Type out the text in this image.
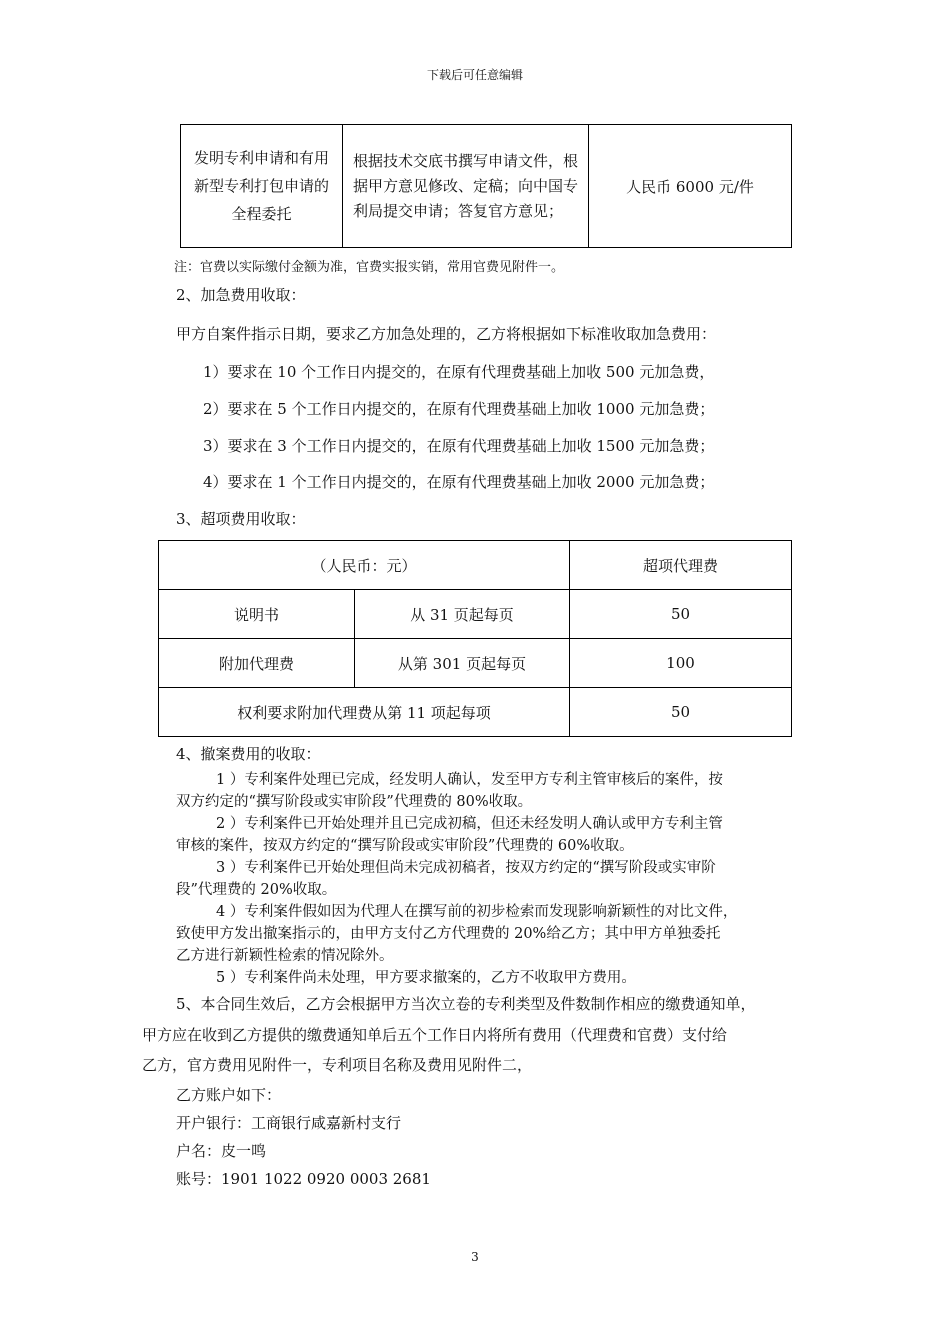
下载后可任意编辑
发明专利申请和有用新型专利打包申请的全程委托	根据技术交底书撰写申请文件，根据甲方意见修改、定稿；向中国专利局提交申请；答复官方意见；	人民币 6000 元/件
注：官费以实际缴付金额为准，官费实报实销，常用官费见附件一。
2、加急费用收取：
甲方自案件指示日期，要求乙方加急处理的，乙方将根据如下标准收取加急费用：
1）要求在 10 个工作日内提交的，在原有代理费基础上加收 500 元加急费，
2）要求在 5 个工作日内提交的，在原有代理费基础上加收 1000 元加急费；
3）要求在 3 个工作日内提交的，在原有代理费基础上加收 1500 元加急费；
4）要求在 1 个工作日内提交的，在原有代理费基础上加收 2000 元加急费；
3、超项费用收取：
（人民币：元）		超项代理费
说明书	从 31 页起每页	50
附加代理费	从第 301 页起每页	100
权利要求附加代理费从第 11 项起每项		50
4、撤案费用的收取：
1 ）专利案件处理已完成，经发明人确认，发至甲方专利主管审核后的案件，按
双方约定的“撰写阶段或实审阶段”代理费的 80%收取。
2 ）专利案件已开始处理并且已完成初稿，但还未经发明人确认或甲方专利主管
审核的案件，按双方约定的“撰写阶段或实审阶段”代理费的 60%收取。
3 ）专利案件已开始处理但尚未完成初稿者，按双方约定的“撰写阶段或实审阶
段”代理费的 20%收取。
4 ）专利案件假如因为代理人在撰写前的初步检索而发现影响新颖性的对比文件，
致使甲方发出撤案指示的，由甲方支付乙方代理费的 20%给乙方；其中甲方单独委托
乙方进行新颖性检索的情况除外。
5 ）专利案件尚未处理，甲方要求撤案的，乙方不收取甲方费用。
5、本合同生效后，乙方会根据甲方当次立卷的专利类型及件数制作相应的缴费通知单，
甲方应在收到乙方提供的缴费通知单后五个工作日内将所有费用（代理费和官费）支付给
乙方，官方费用见附件一，专利项目名称及费用见附件二，
乙方账户如下：
开户银行：工商银行咸嘉新村支行
户名：皮一鸣
账号：1901 1022 0920 0003 2681
3
